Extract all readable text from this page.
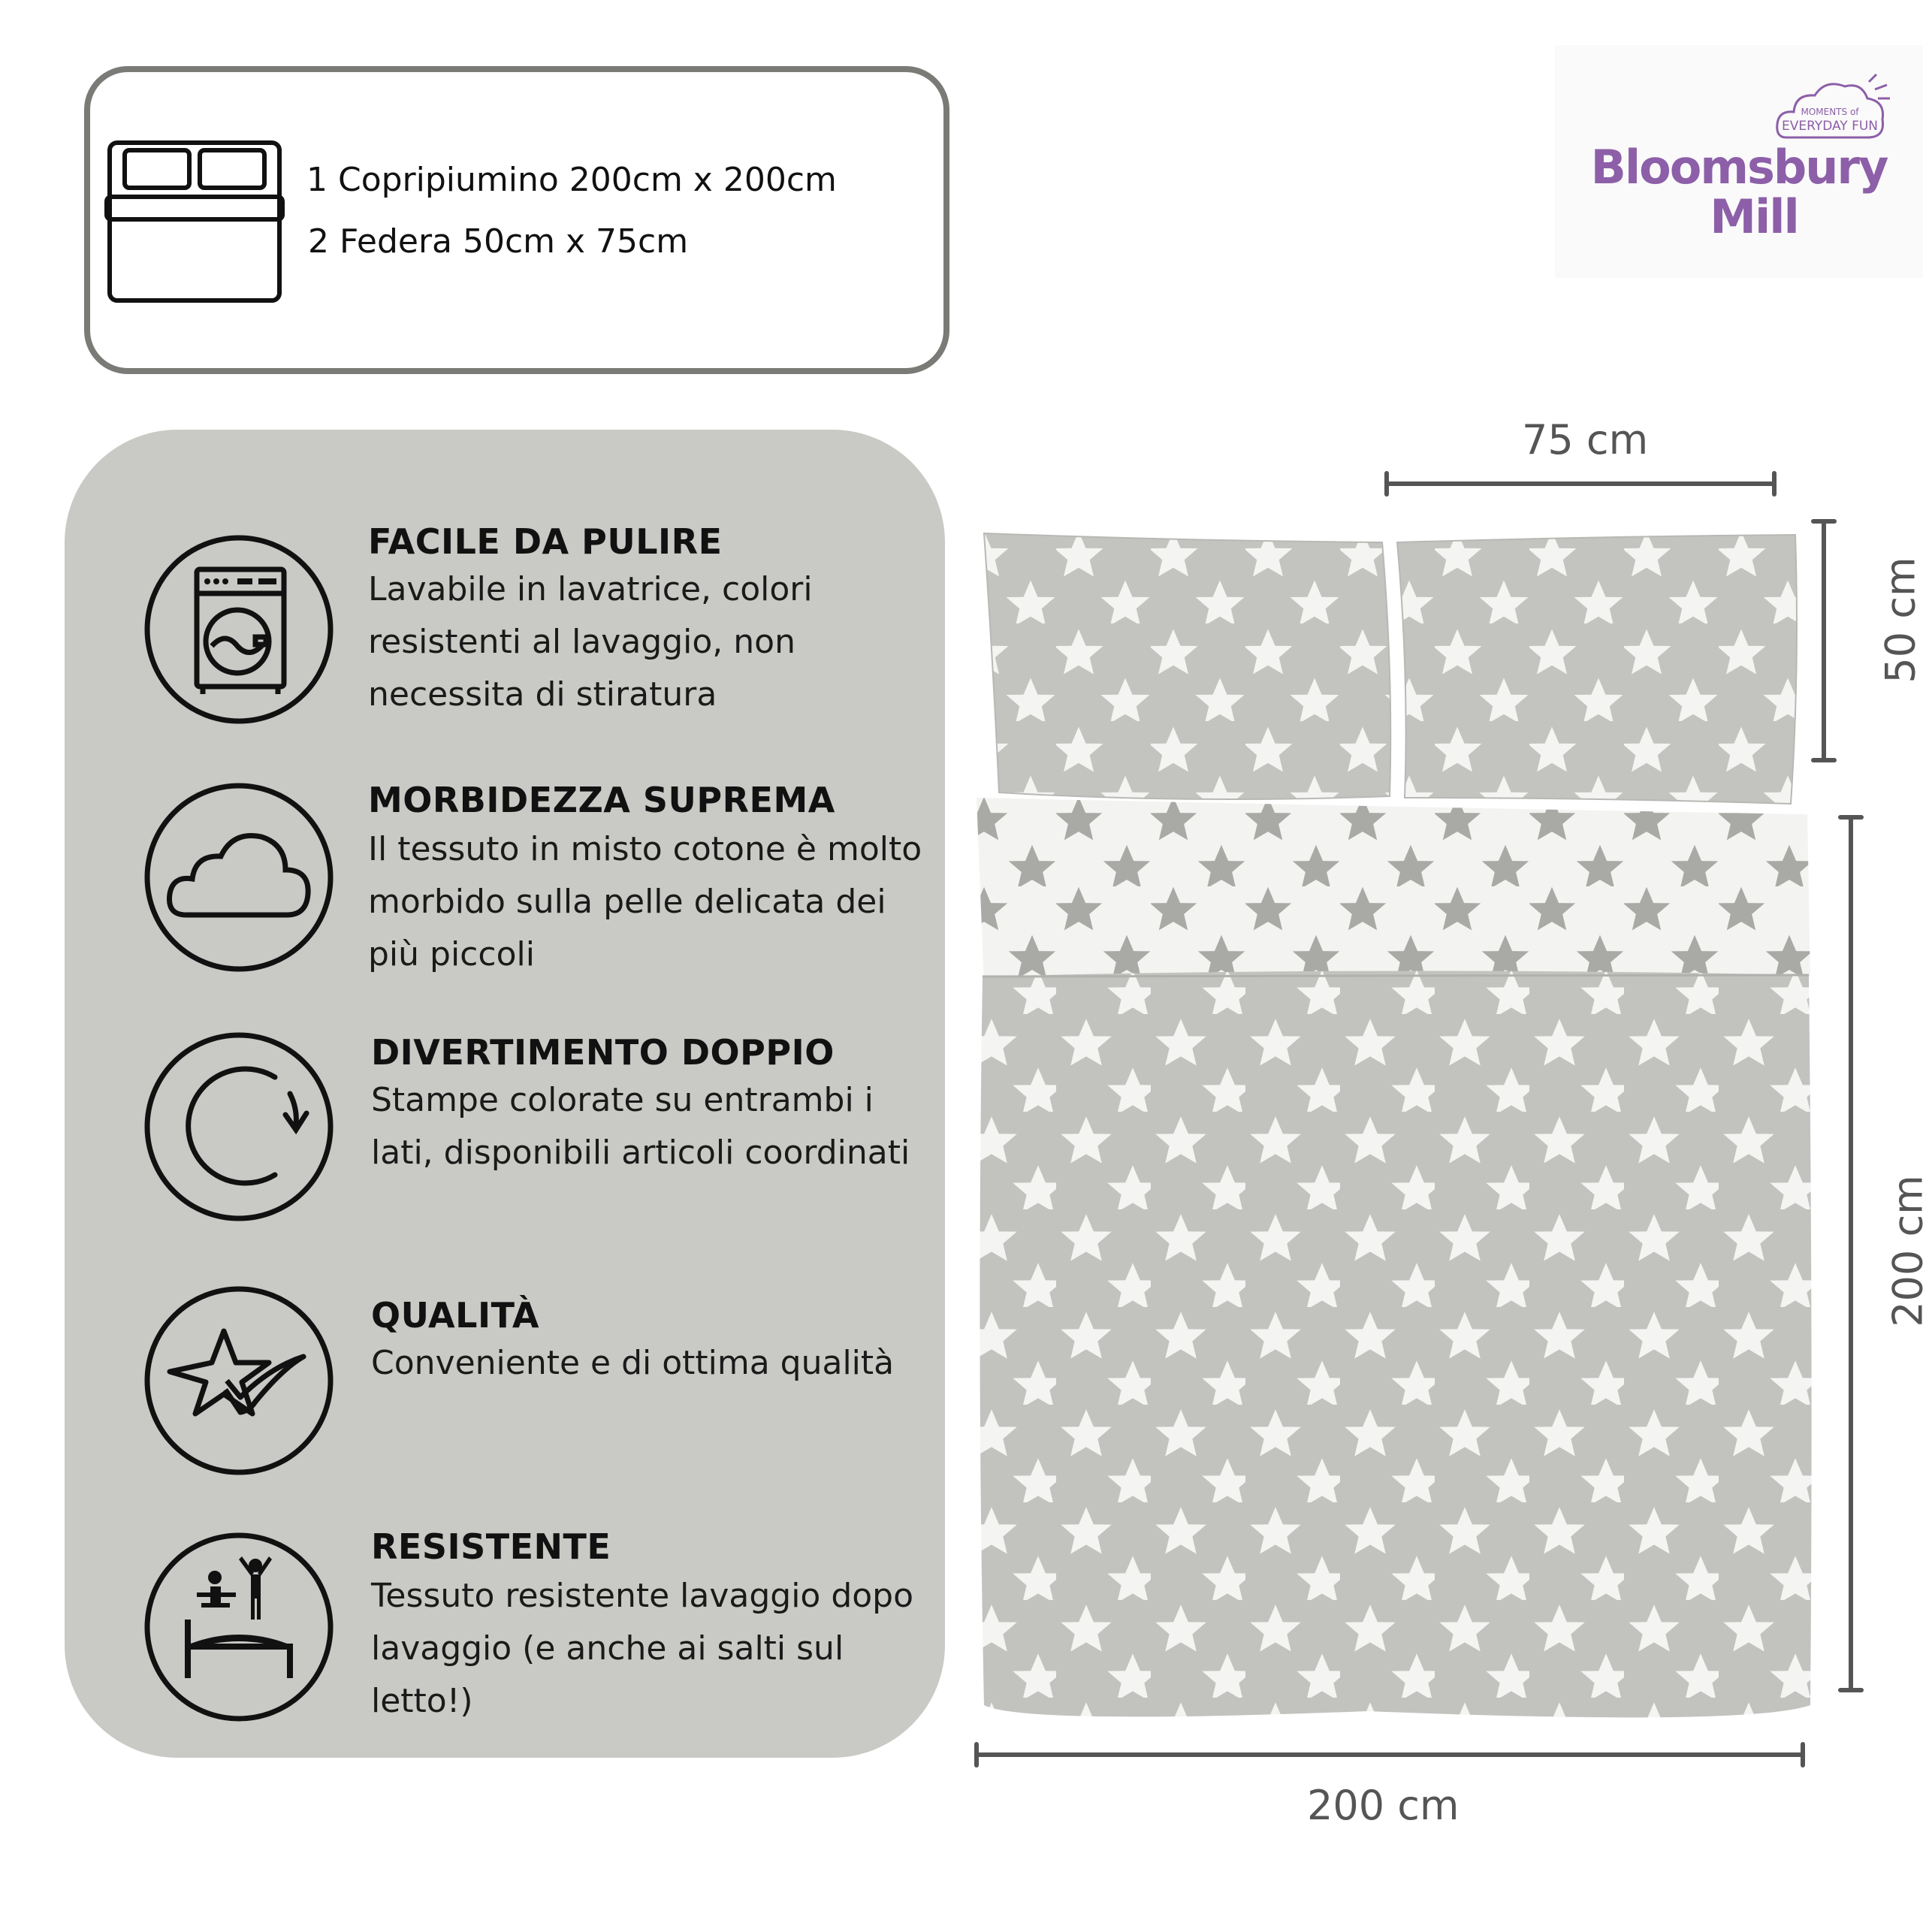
1 Copripiumino 200cm x 200cm
2 Federa 50cm x 75cm
MOMENTS of
EVERYDAY FUN
Bloomsbury
Mill
FACILE DA PULIRE
Lavabile in lavatrice, colori resistenti al lavaggio, non necessita di stiratura
MORBIDEZZA SUPREMA
Il tessuto in misto cotone è molto morbido sulla pelle delicata dei più piccoli
DIVERTIMENTO DOPPIO
Stampe colorate su entrambi i lati, disponibili articoli coordinati
QUALITÀ
Conveniente e di ottima qualità
RESISTENTE
Tessuto resistente lavaggio dopo lavaggio (e anche ai salti sul letto!)
75 cm
50 cm
200 cm
200 cm
